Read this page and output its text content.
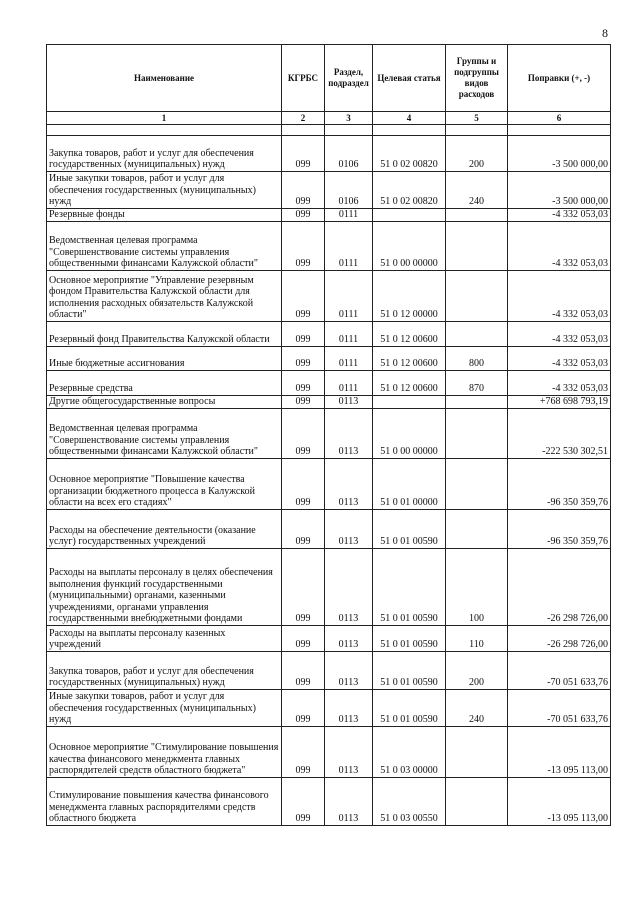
8
Наименование	КГРБС	Раздел, подраздел	Целевая статья	Группы и подгруппы видов расходов	Поправки (+, -)
1	2	3	4	5	6

Закупка товаров, работ и услуг для обеспечения государственных (муниципальных) нужд	099	0106	51 0 02 00820	200	-3 500 000,00
Иные закупки товаров, работ и услуг для обеспечения государственных (муниципальных) нужд	099	0106	51 0 02 00820	240	-3 500 000,00
Резервные фонды	099	0111			-4 332 053,03
Ведомственная целевая программа "Совершенствование системы управления общественными финансами Калужской области"	099	0111	51 0 00 00000		-4 332 053,03
Основное мероприятие "Управление резервным фондом Правительства Калужской области для исполнения расходных обязательств Калужской области"	099	0111	51 0 12 00000		-4 332 053,03
Резервный фонд Правительства Калужской области	099	0111	51 0 12 00600		-4 332 053,03
Иные бюджетные ассигнования	099	0111	51 0 12 00600	800	-4 332 053,03
Резервные средства	099	0111	51 0 12 00600	870	-4 332 053,03
Другие общегосударственные вопросы	099	0113			+768 698 793,19
Ведомственная целевая программа "Совершенствование системы управления общественными финансами Калужской области"	099	0113	51 0 00 00000		-222 530 302,51
Основное мероприятие "Повышение качества организации бюджетного процесса в Калужской области на всех его стадиях"	099	0113	51 0 01 00000		-96 350 359,76
Расходы на обеспечение деятельности (оказание услуг) государственных учреждений	099	0113	51 0 01 00590		-96 350 359,76
Расходы на выплаты персоналу в целях обеспечения выполнения функций государственными (муниципальными) органами, казенными учреждениями, органами управления государственными внебюджетными фондами	099	0113	51 0 01 00590	100	-26 298 726,00
Расходы на выплаты персоналу казенных учреждений	099	0113	51 0 01 00590	110	-26 298 726,00
Закупка товаров, работ и услуг для обеспечения государственных (муниципальных) нужд	099	0113	51 0 01 00590	200	-70 051 633,76
Иные закупки товаров, работ и услуг для обеспечения государственных (муниципальных) нужд	099	0113	51 0 01 00590	240	-70 051 633,76
Основное мероприятие "Стимулирование повышения качества финансового менеджмента главных распорядителей средств областного бюджета"	099	0113	51 0 03 00000		-13 095 113,00
Стимулирование повышения качества финансового менеджмента главных распорядителями средств областного бюджета	099	0113	51 0 03 00550		-13 095 113,00
